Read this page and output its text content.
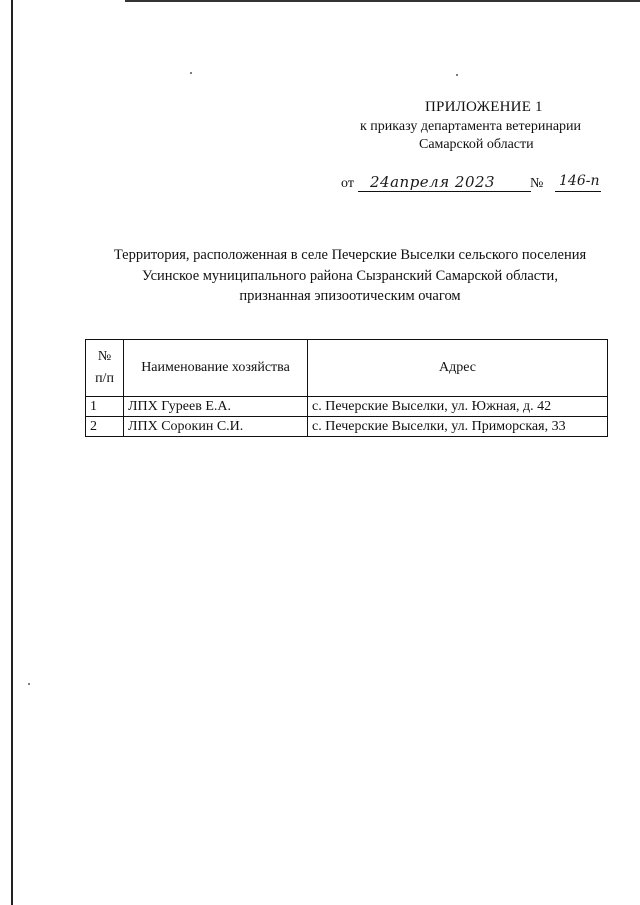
ПРИЛОЖЕНИЕ 1
к приказу департамента ветеринарии
Самарской области
от	24апреля 2023	№ 146-п
Территория, расположенная в селе Печерские Выселки сельского поселения
Усинское муниципального района Сызранский Самарской области,
признанная эпизоотическим очагом
№
п/п	Наименование хозяйства	Адрес
1	ЛПХ Гуреев Е.А.	с. Печерские Выселки, ул. Южная, д. 42
2	ЛПХ Сорокин С.И.	с. Печерские Выселки, ул. Приморская, 33
